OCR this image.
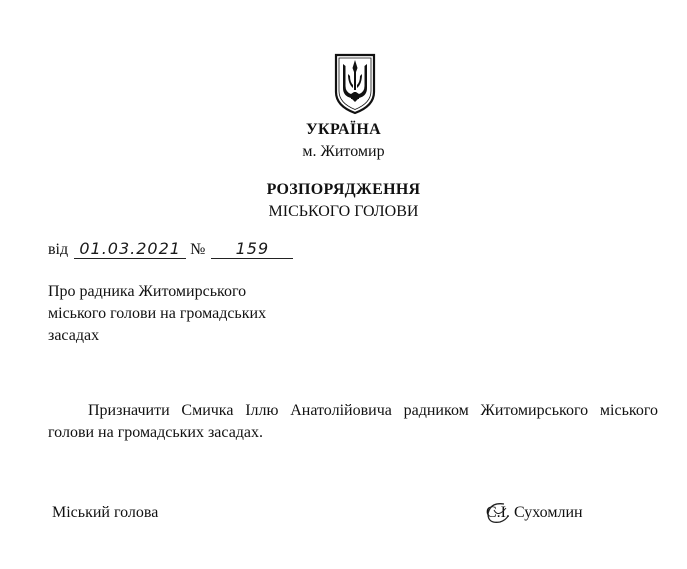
УКРАЇНА
м. Житомир
РОЗПОРЯДЖЕННЯ
МІСЬКОГО ГОЛОВИ
від 01.03.2021 № 159
Про радника Житомирського
міського голови на громадських
засадах
Призначити Смичка Іллю Анатолійовича радником Житомирського міського голови на громадських засадах.
Міський голова	С.І. Сухомлин
